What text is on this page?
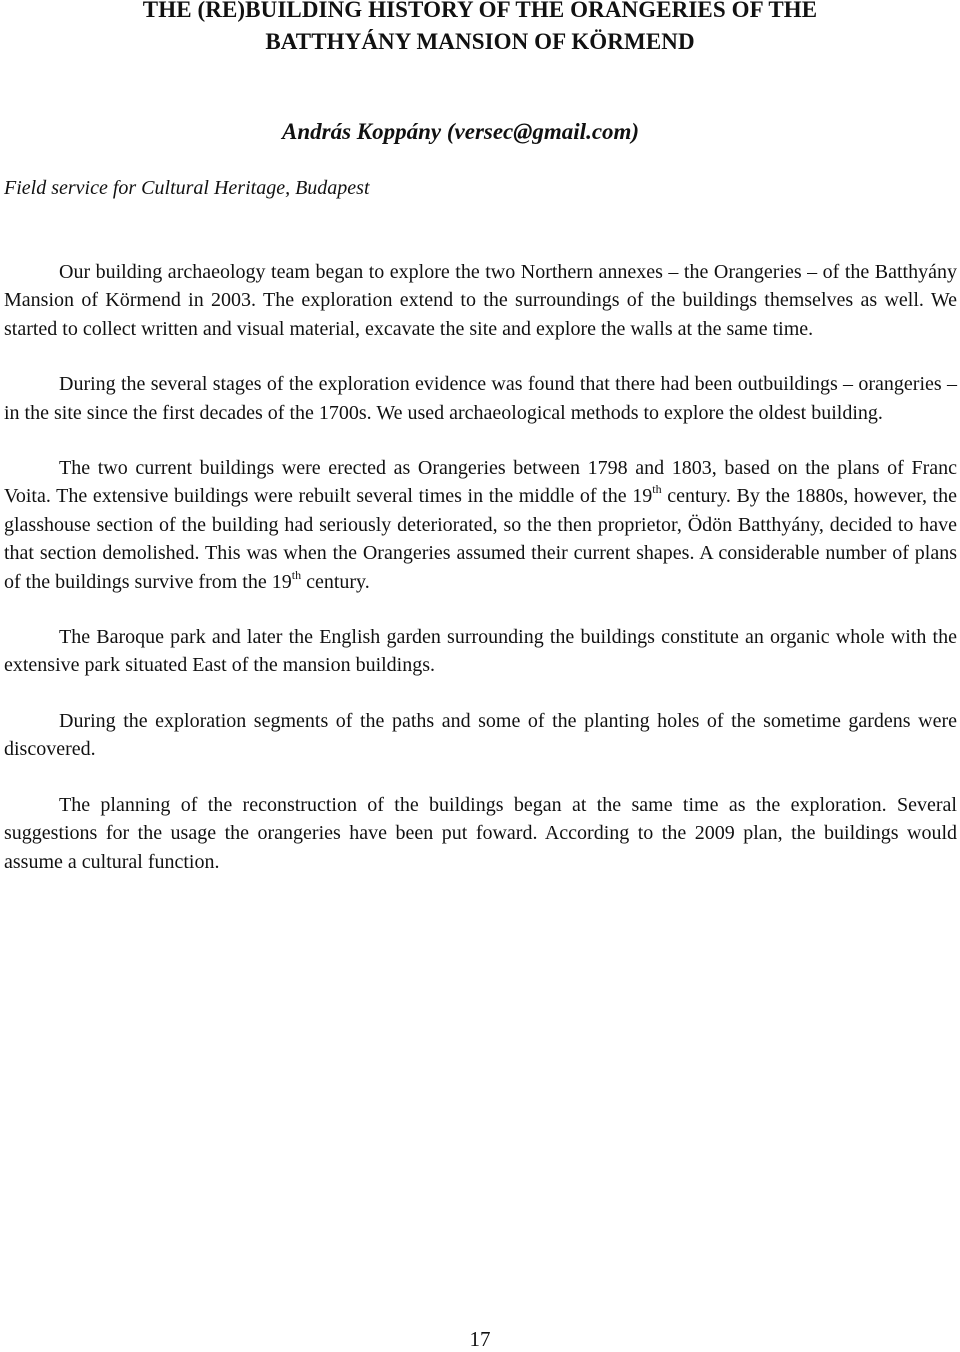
THE (RE)BUILDING HISTORY OF THE ORANGERIES OF THE
BATTHYÁNY MANSION OF KÖRMEND

András Koppány (versec@gmail.com)

Field service for Cultural Heritage, Budapest

Our building archaeology team began to explore the two Northern annexes – the Orangeries – of the Batthyány Mansion of Körmend in 2003. The exploration extend to the surroundings of the buildings themselves as well. We started to collect written and visual material, excavate the site and explore the walls at the same time.

During the several stages of the exploration evidence was found that there had been outbuildings – orangeries – in the site since the first decades of the 1700s. We used archaeological methods to explore the oldest building.

The two current buildings were erected as Orangeries between 1798 and 1803, based on the plans of Franc Voita. The extensive buildings were rebuilt several times in the middle of the 19th century. By the 1880s, however, the glasshouse section of the building had seriously deteriorated, so the then proprietor, Ödön Batthyány, decided to have that section demolished. This was when the Orangeries assumed their current shapes. A considerable number of plans of the buildings survive from the 19th century.

The Baroque park and later the English garden surrounding the buildings constitute an organic whole with the extensive park situated East of the mansion buildings.

During the exploration segments of the paths and some of the planting holes of the sometime gardens were discovered.

The planning of the reconstruction of the buildings began at the same time as the exploration. Several suggestions for the usage the orangeries have been put foward. According to the 2009 plan, the buildings would assume a cultural function.

17
